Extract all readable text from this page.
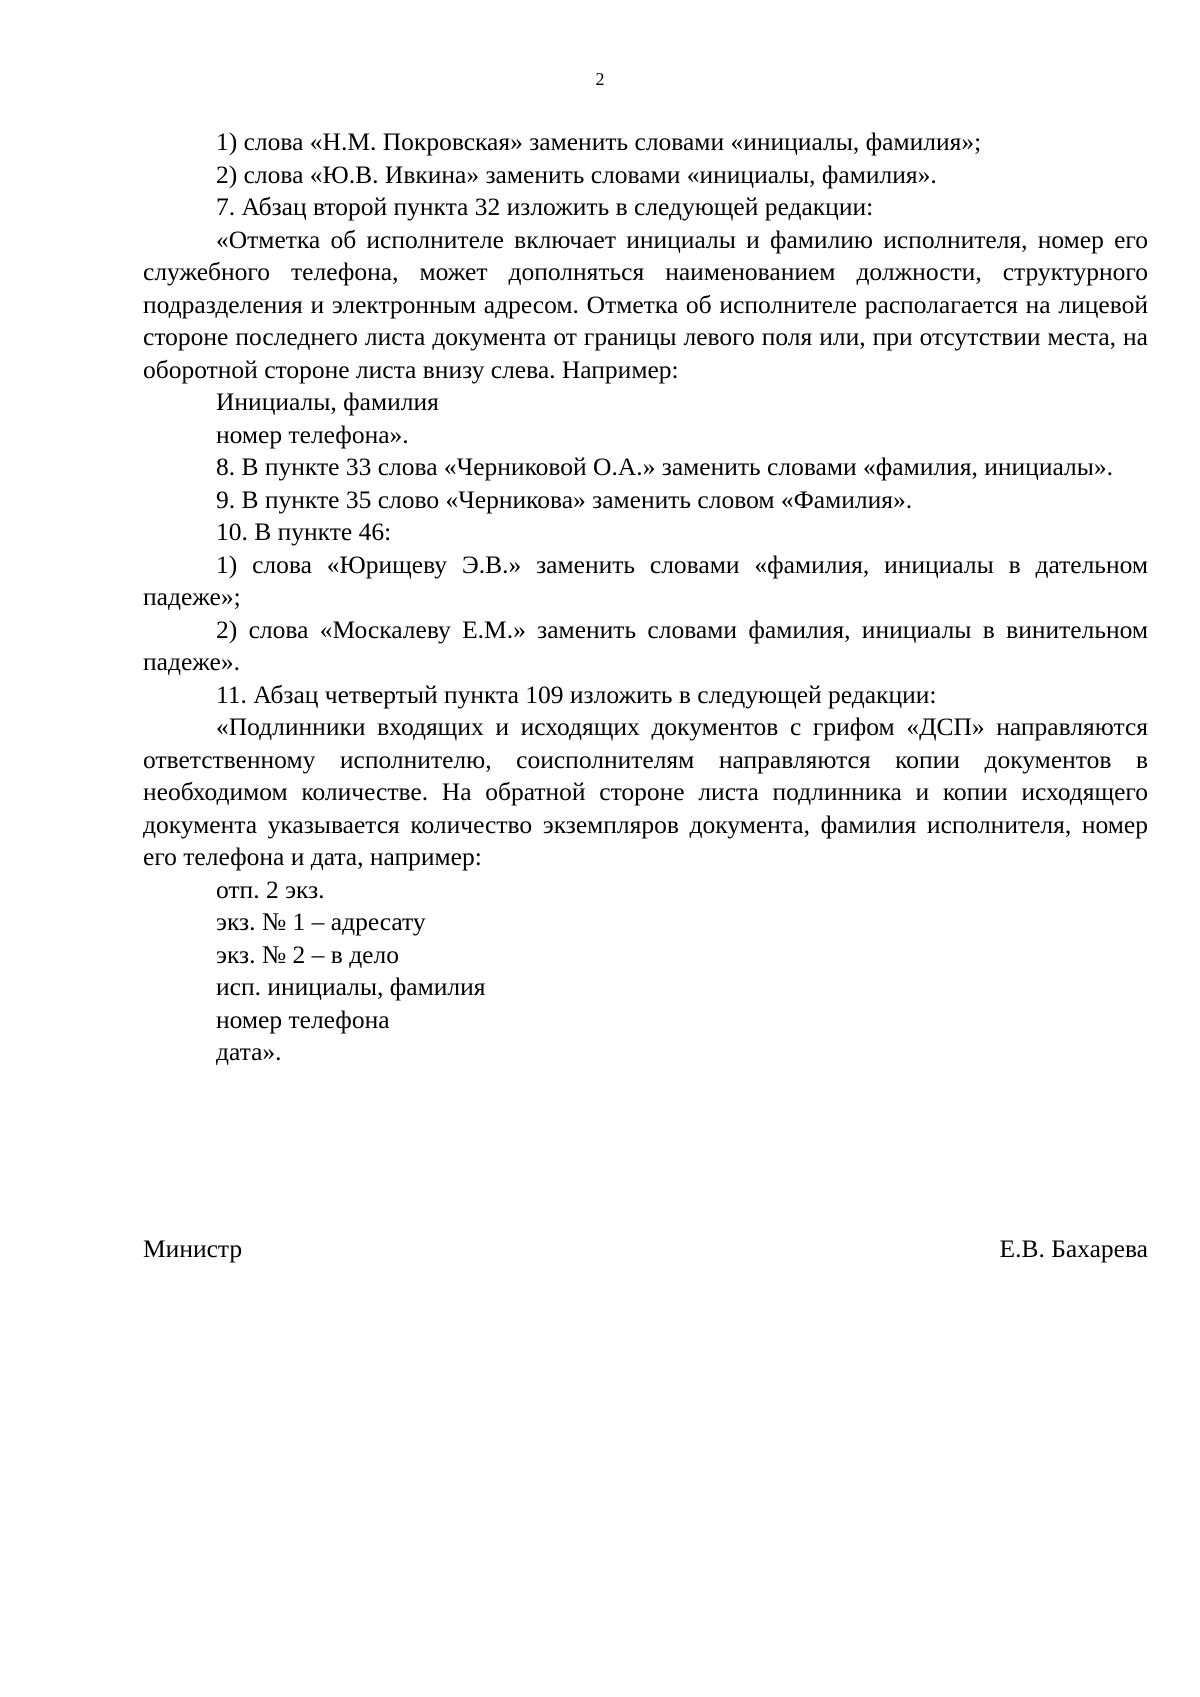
2

1) слова «Н.М. Покровская» заменить словами «инициалы, фамилия»;

2) слова «Ю.В. Ивкина» заменить словами «инициалы, фамилия».

7. Абзац второй пункта 32 изложить в следующей редакции:

«Отметка об исполнителе включает инициалы и фамилию исполнителя, номер его служебного телефона, может дополняться наименованием должности, структурного подразделения и электронным адресом. Отметка об исполнителе располагается на лицевой стороне последнего листа документа от границы левого поля или, при отсутствии места, на оборотной стороне листа внизу слева. Например:

Инициалы, фамилия

номер телефона».

8. В пункте 33 слова «Черниковой О.А.» заменить словами «фамилия, инициалы».

9. В пункте 35 слово «Черникова» заменить словом «Фамилия».

10. В пункте 46:

1) слова «Юрищеву Э.В.» заменить словами «фамилия, инициалы в дательном падеже»;

2) слова «Москалеву Е.М.» заменить словами фамилия, инициалы в винительном падеже».

11. Абзац четвертый пункта 109 изложить в следующей редакции:

«Подлинники входящих и исходящих документов с грифом «ДСП» направляются ответственному исполнителю, соисполнителям направляются копии документов в необходимом количестве. На обратной стороне листа подлинника и копии исходящего документа указывается количество экземпляров документа, фамилия исполнителя, номер его телефона и дата, например:

отп. 2 экз.

экз. № 1 – адресату

экз. № 2 – в дело

исп. инициалы, фамилия

номер телефона

дата».

Министр	Е.В. Бахарева
